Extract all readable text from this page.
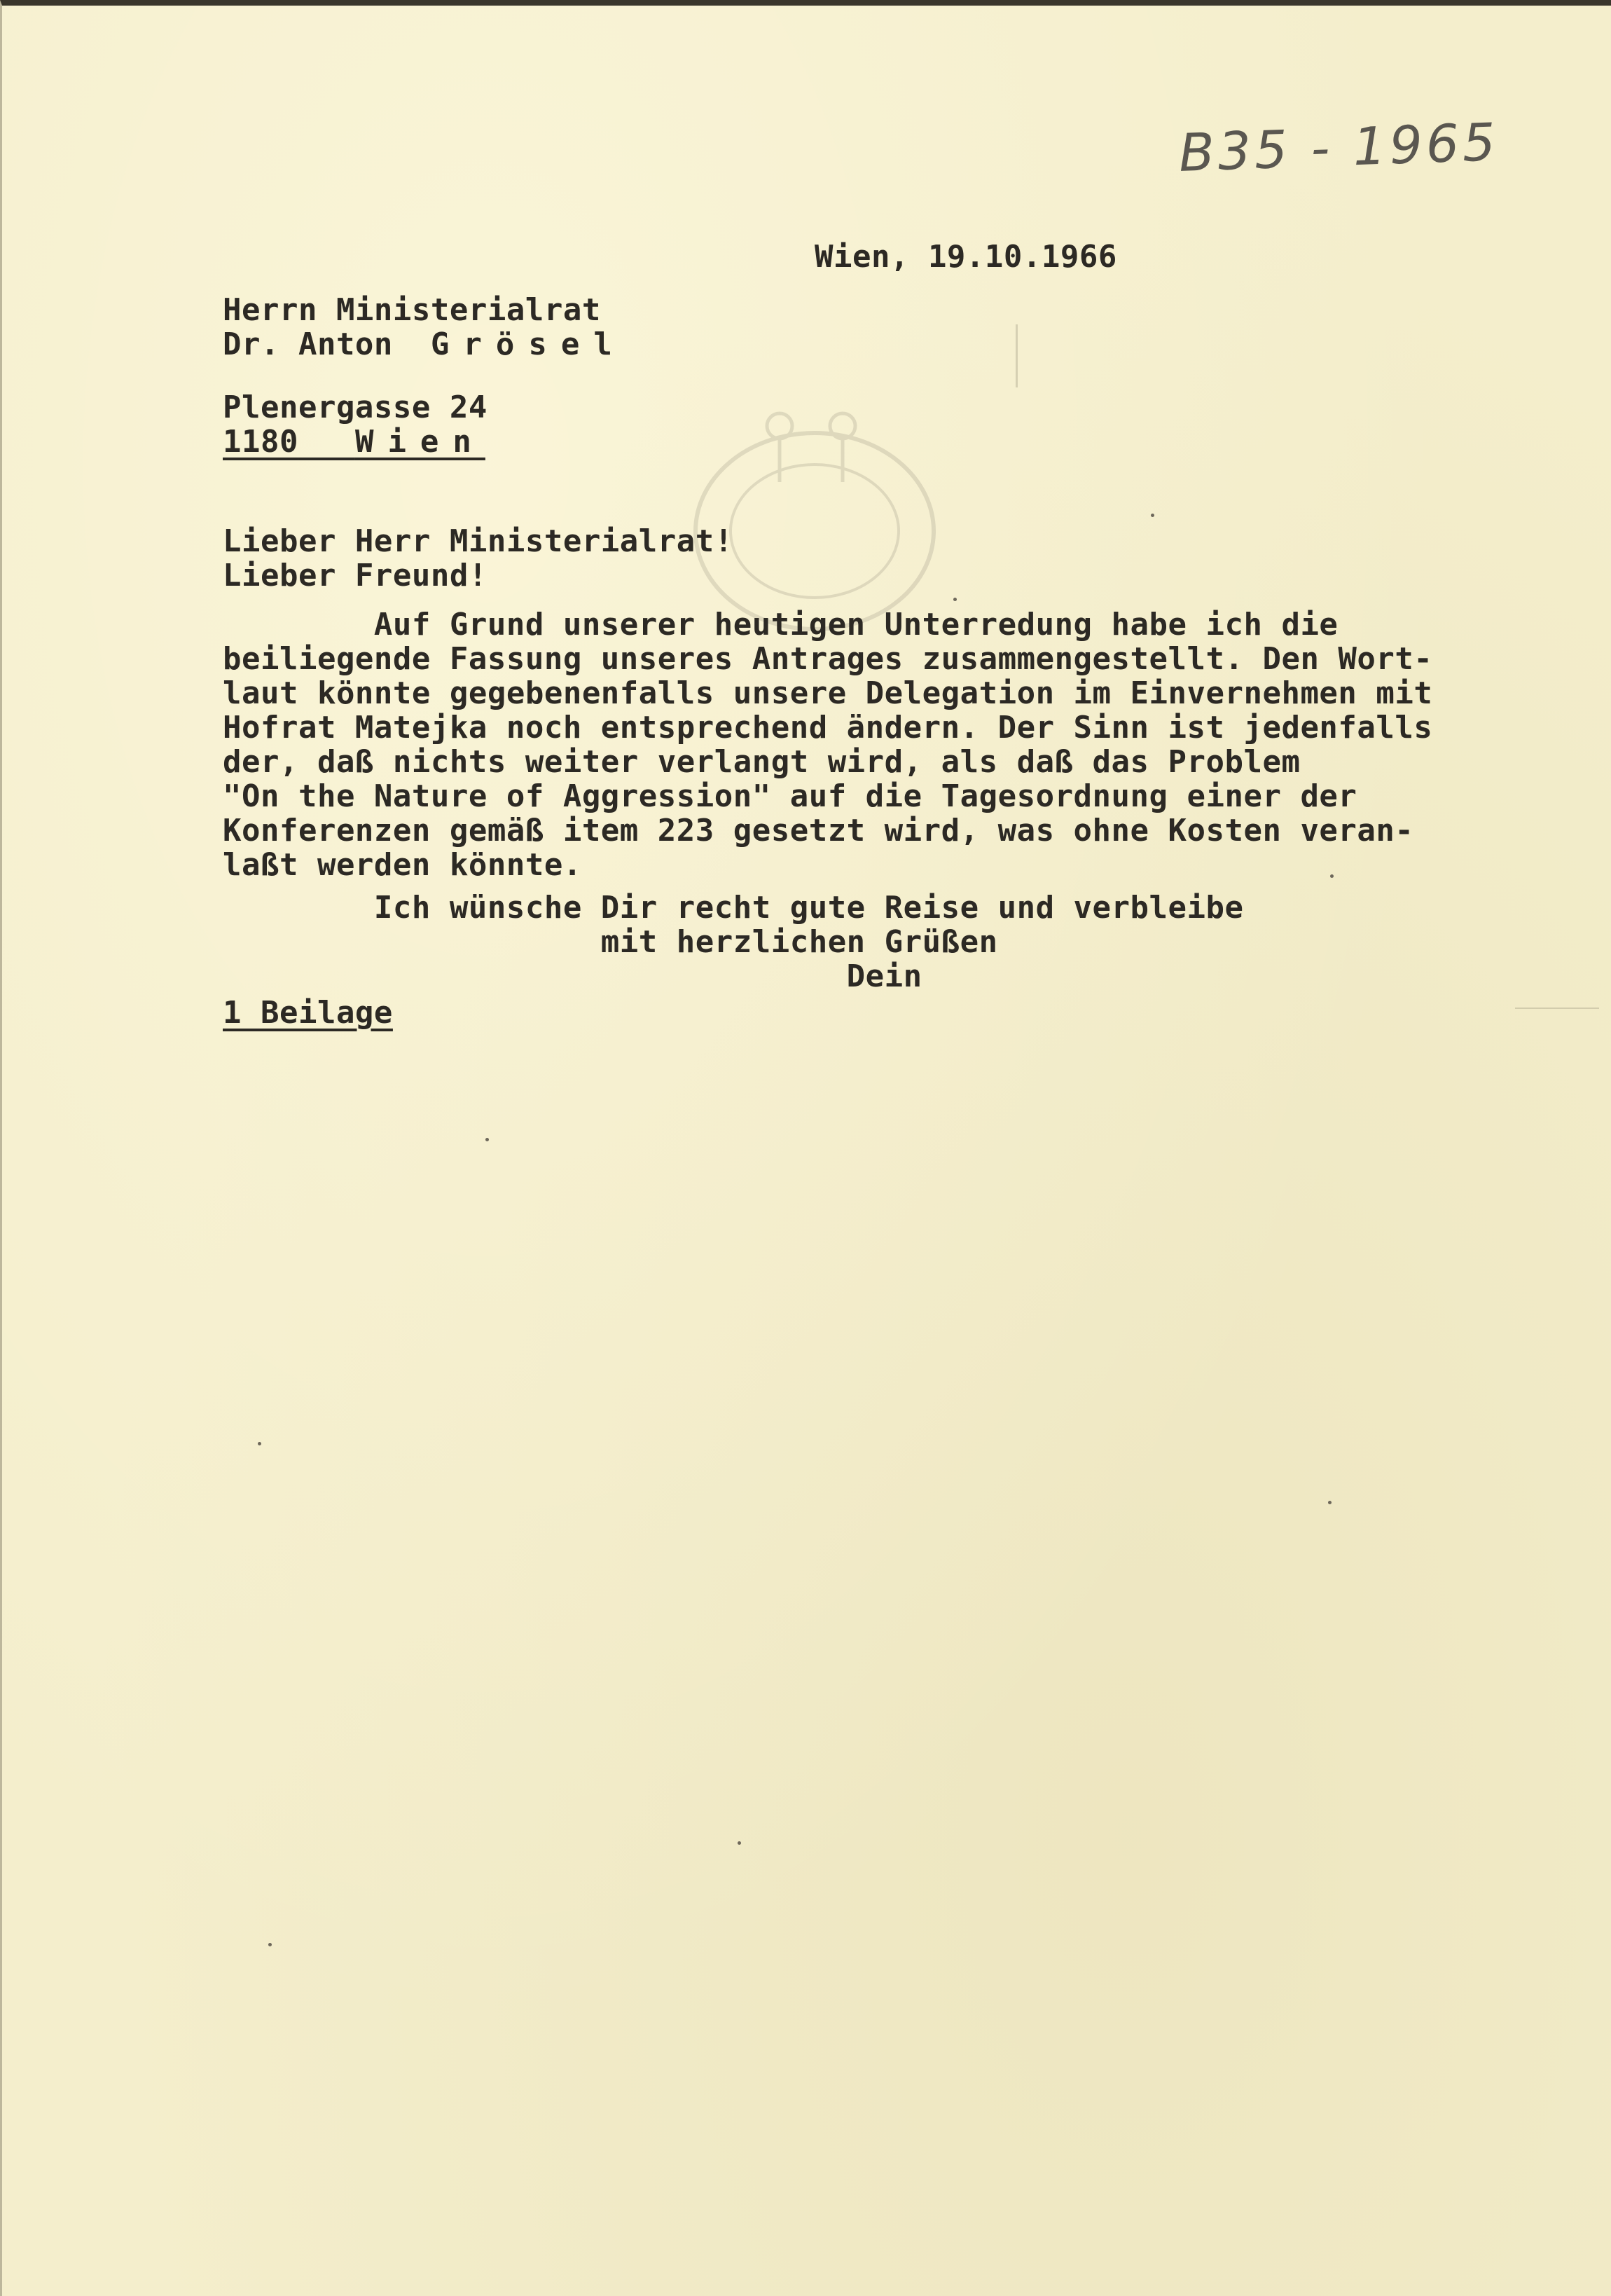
B35 - 1965
Wien, 19.10.1966
Herrn Ministerialrat
Dr. Anton Grösel
Plenergasse 24
1180 Wien
Lieber Herr Ministerialrat!
Lieber Freund!
Auf Grund unserer heutigen Unterredung habe ich die
beiliegende Fassung unseres Antrages zusammengestellt. Den Wort-
laut könnte gegebenenfalls unsere Delegation im Einvernehmen mit
Hofrat Matejka noch entsprechend ändern. Der Sinn ist jedenfalls
der, daß nichts weiter verlangt wird, als daß das Problem
"On the Nature of Aggression" auf die Tagesordnung einer der
Konferenzen gemäß item 223 gesetzt wird, was ohne Kosten veran-
laßt werden könnte.
Ich wünsche Dir recht gute Reise und verbleibe
mit herzlichen Grüßen
Dein
1 Beilage
